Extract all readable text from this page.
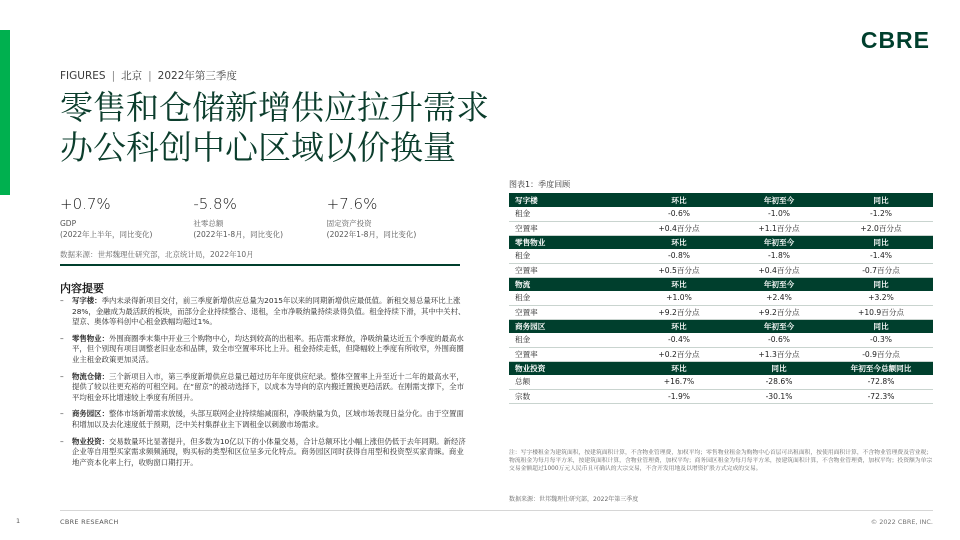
CBRE
FIGURES | 北京 | 2022年第三季度
零售和仓储新增供应拉升需求
办公科创中心区域以价换量
+0.7%
GDP
(2022年上半年，同比变化)
-5.8%
社零总额
(2022年1-8月，同比变化)
+7.6%
固定资产投资
(2022年1-8月，同比变化)
数据来源：世邦魏理仕研究部，北京统计局，2022年10月
内容提要
–	写字楼：季内未录得新项目交付，前三季度新增供应总量为2015年以来的同期新增供应最低值。新租交易总量环比上涨28%，金融成为最活跃的板块，而部分企业持续整合、退租，全市净吸纳量持续录得负值。租金持续下滑，其中中关村、望京、奥体等科创中心租金跌幅均超过1%。
–	零售物业：外围商圈季末集中开业三个购物中心，均达到较高的出租率。拓店需求释放，净吸纳量达近五个季度的最高水平，但个别现有项目调整老旧业态和品牌，致全市空置率环比上升。租金持续走低，但降幅较上季度有所收窄，外围商圈业主租金政策更加灵活。
–	物流仓储：三个新项目入市，第三季度新增供应总量已超过历年年度供应纪录。整体空置率上升至近十二年的最高水平，提供了较以往更充裕的可租空间。在“留京”的被动选择下，以成本为导向的京内搬迁置换更趋活跃。在刚需支撑下，全市平均租金环比增速较上季度有所回升。
–	商务园区：整体市场新增需求放缓，头部互联网企业持续缩减面积，净吸纳量为负，区域市场表现日益分化。由于空置面积增加以及去化速度低于预期，泛中关村集群业主下调租金以刺激市场需求。
–	物业投资：交易数量环比显著提升，但多数为10亿以下的小体量交易，合计总额环比小幅上涨但仍低于去年同期。新经济企业等自用型买家需求频频涌现，购买标的类型和区位呈多元化特点。商务园区同时获得自用型和投资型买家青睐。商业地产资本化率上行，收购窗口期打开。
图表1：季度回顾
写字楼	环比	年初至今	同比
租金	-0.6%	-1.0%	-1.2%
空置率	+0.4百分点	+1.1百分点	+2.0百分点
零售物业	环比	年初至今	同比
租金	-0.8%	-1.8%	-1.4%
空置率	+0.5百分点	+0.4百分点	-0.7百分点
物流	环比	年初至今	同比
租金	+1.0%	+2.4%	+3.2%
空置率	+9.2百分点	+9.2百分点	+10.9百分点
商务园区	环比	年初至今	同比
租金	-0.4%	-0.6%	-0.3%
空置率	+0.2百分点	+1.3百分点	-0.9百分点
物业投资	环比	同比	年初至今总额同比
总额	+16.7%	-28.6%	-72.8%
宗数	-1.9%	-30.1%	-72.3%
注：写字楼租金为建筑面积，按建筑面积计算，不含物业管理费，加权平均；零售物业租金为购物中心首层可出租面积，按使用面积计算，不含物业管理费及营业税；物流租金为每月每平方米，按建筑面积计算，含物业管理费，加权平均；商务园区租金为每月每平方米，按建筑面积计算，不含物业管理费，加权平均；投资额为单宗交易金额超过1000万元人民币且可确认的大宗交易，不含开发用地及以增资扩股方式完成的交易。
数据来源：世邦魏理仕研究部，2022年第三季度
1	CBRE RESEARCH	© 2022 CBRE, INC.
